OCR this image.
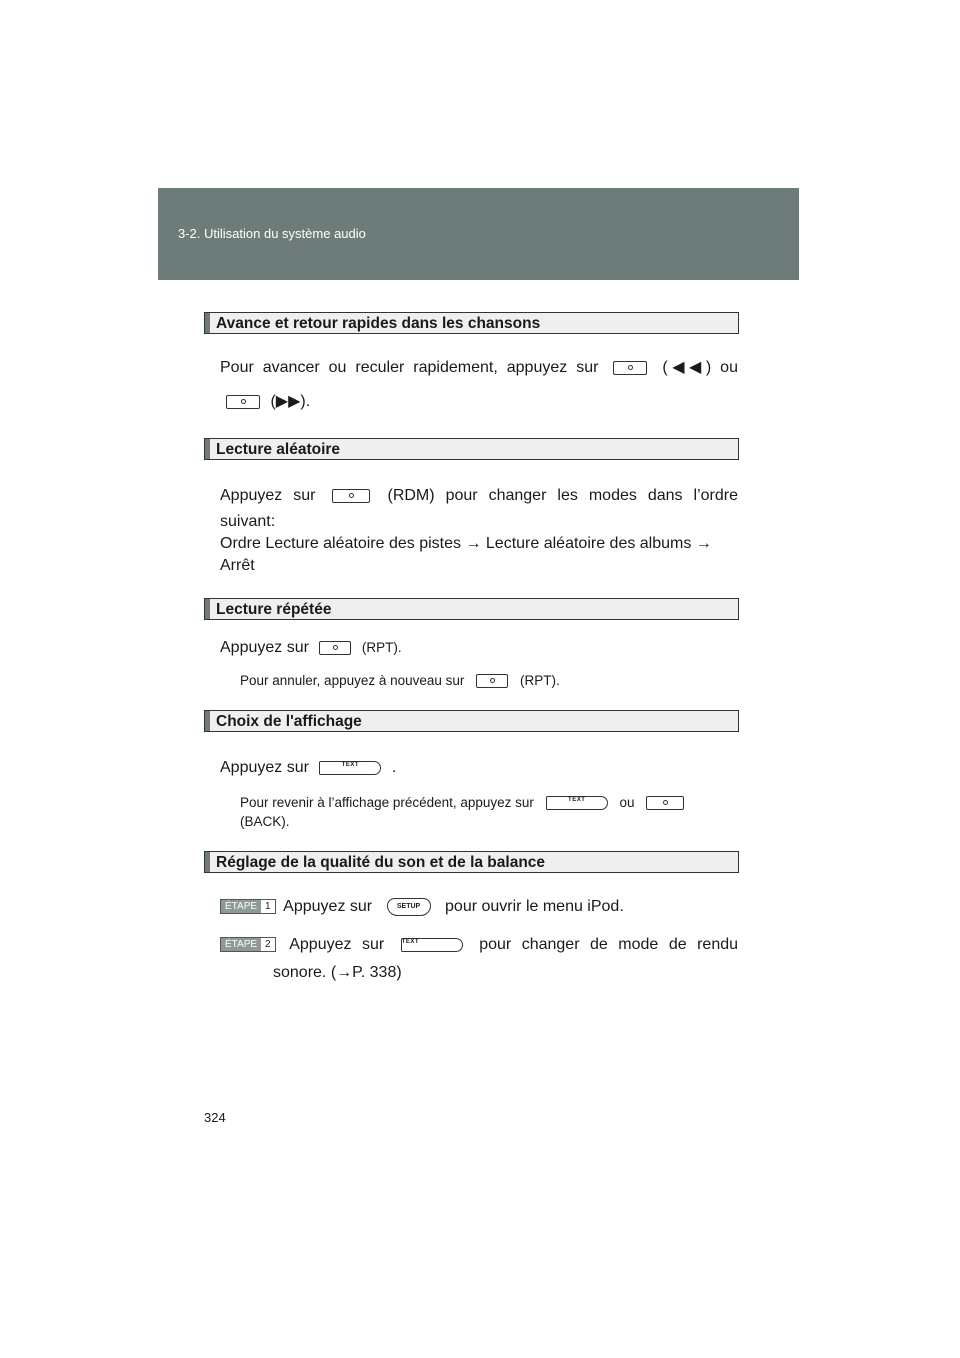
3-2. Utilisation du système audio
Avance et retour rapides dans les chansons
Pour avancer ou reculer rapidement, appuyez sur	(◀◀) ou
(▶▶).
Lecture aléatoire
Appuyez sur	(RDM) pour changer les modes dans l’ordre
suivant:
Ordre Lecture aléatoire des pistes → Lecture aléatoire des albums →
Arrêt
Lecture répétée
Appuyez sur	(RPT).
Pour annuler, appuyez à nouveau sur	(RPT).
Choix de l'affichage
Appuyez sur	TEXT .
Pour revenir à l’affichage précédent, appuyez sur	TEXT	ou
(BACK).
Réglage de la qualité du son et de la balance
ÉTAPE 1 Appuyez sur	SETUP pour ouvrir le menu iPod.
ÉTAPE 2 Appuyez sur	TEXT	pour changer de mode de rendu
sonore. (→P. 338)
324
